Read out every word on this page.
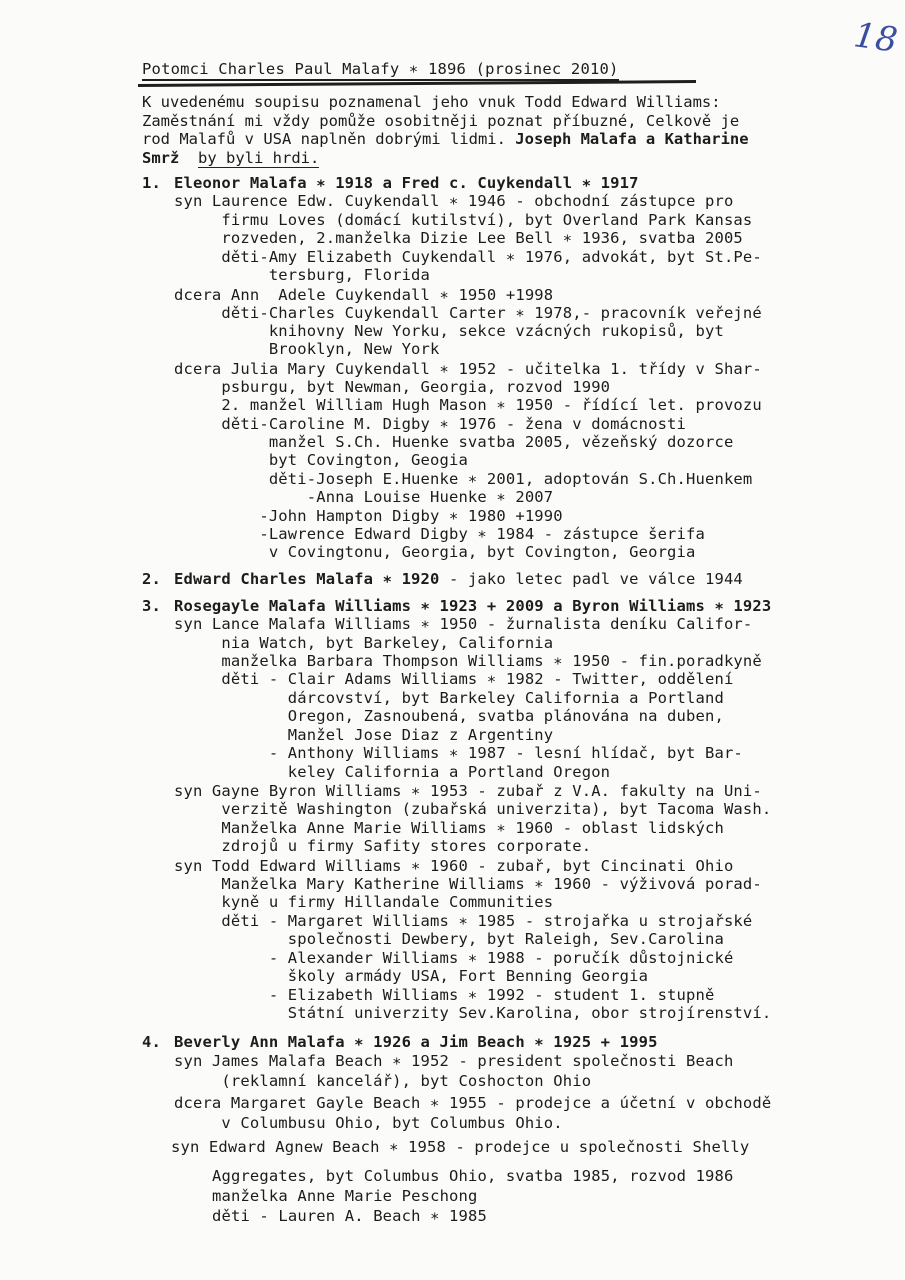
18
Potomci Charles Paul Malafy ∗ 1896 (prosinec 2010)
K uvedenému soupisu poznamenal jeho vnuk Todd Edward Williams:
Zaměstnání mi vždy pomůže osobitněji poznat příbuzné, Celkově je
rod Malafů v USA naplněn dobrými lidmi. Joseph Malafa a Katharine
Smrž by byli hrdi.
1. Eleonor Malafa ∗ 1918 a Fred c. Cuykendall ∗ 1917
syn Laurence Edw. Cuykendall ∗ 1946 - obchodní zástupce pro
firmu Loves (domácí kutilství), byt Overland Park Kansas
rozveden, 2.manželka Dizie Lee Bell ∗ 1936, svatba 2005
děti-Amy Elizabeth Cuykendall ∗ 1976, advokát, byt St.Pe-
tersburg, Florida
dcera Ann  Adele Cuykendall ∗ 1950 +1998
děti-Charles Cuykendall Carter ∗ 1978,- pracovník veřejné
knihovny New Yorku, sekce vzácných rukopisů, byt
Brooklyn, New York
dcera Julia Mary Cuykendall ∗ 1952 - učitelka 1. třídy v Shar-
psburgu, byt Newman, Georgia, rozvod 1990
2. manžel William Hugh Mason ∗ 1950 - řídící let. provozu
děti-Caroline M. Digby ∗ 1976 - žena v domácnosti
manžel S.Ch. Huenke svatba 2005, vězeňský dozorce
byt Covington, Geogia
děti-Joseph E.Huenke ∗ 2001, adoptován S.Ch.Huenkem
-Anna Louise Huenke ∗ 2007
-John Hampton Digby ∗ 1980 +1990
-Lawrence Edward Digby ∗ 1984 - zástupce šerifa
v Covingtonu, Georgia, byt Covington, Georgia
2. Edward Charles Malafa ∗ 1920 - jako letec padl ve válce 1944
3. Rosegayle Malafa Williams ∗ 1923 + 2009 a Byron Williams ∗ 1923
syn Lance Malafa Williams ∗ 1950 - žurnalista deníku Califor-
nia Watch, byt Barkeley, California
manželka Barbara Thompson Williams ∗ 1950 - fin.poradkyně
děti - Clair Adams Williams ∗ 1982 - Twitter, oddělení
dárcovství, byt Barkeley California a Portland
Oregon, Zasnoubená, svatba plánována na duben,
Manžel Jose Diaz z Argentiny
- Anthony Williams ∗ 1987 - lesní hlídač, byt Bar-
keley California a Portland Oregon
syn Gayne Byron Williams ∗ 1953 - zubař z V.A. fakulty na Uni-
verzitě Washington (zubařská univerzita), byt Tacoma Wash.
Manželka Anne Marie Williams ∗ 1960 - oblast lidských
zdrojů u firmy Safity stores corporate.
syn Todd Edward Williams ∗ 1960 - zubař, byt Cincinati Ohio
Manželka Mary Katherine Williams ∗ 1960 - výživová porad-
kyně u firmy Hillandale Communities
děti - Margaret Williams ∗ 1985 - strojařka u strojařské
společnosti Dewbery, byt Raleigh, Sev.Carolina
- Alexander Williams ∗ 1988 - poručík důstojnické
školy armády USA, Fort Benning Georgia
- Elizabeth Williams ∗ 1992 - student 1. stupně
Státní univerzity Sev.Karolina, obor strojírenství.
4. Beverly Ann Malafa ∗ 1926 a Jim Beach ∗ 1925 + 1995
syn James Malafa Beach ∗ 1952 - president společnosti Beach
(reklamní kancelář), byt Coshocton Ohio
dcera Margaret Gayle Beach ∗ 1955 - prodejce a účetní v obchodě
v Columbusu Ohio, byt Columbus Ohio.
syn Edward Agnew Beach ∗ 1958 - prodejce u společnosti Shelly
Aggregates, byt Columbus Ohio, svatba 1985, rozvod 1986
manželka Anne Marie Peschong
děti - Lauren A. Beach ∗ 1985
